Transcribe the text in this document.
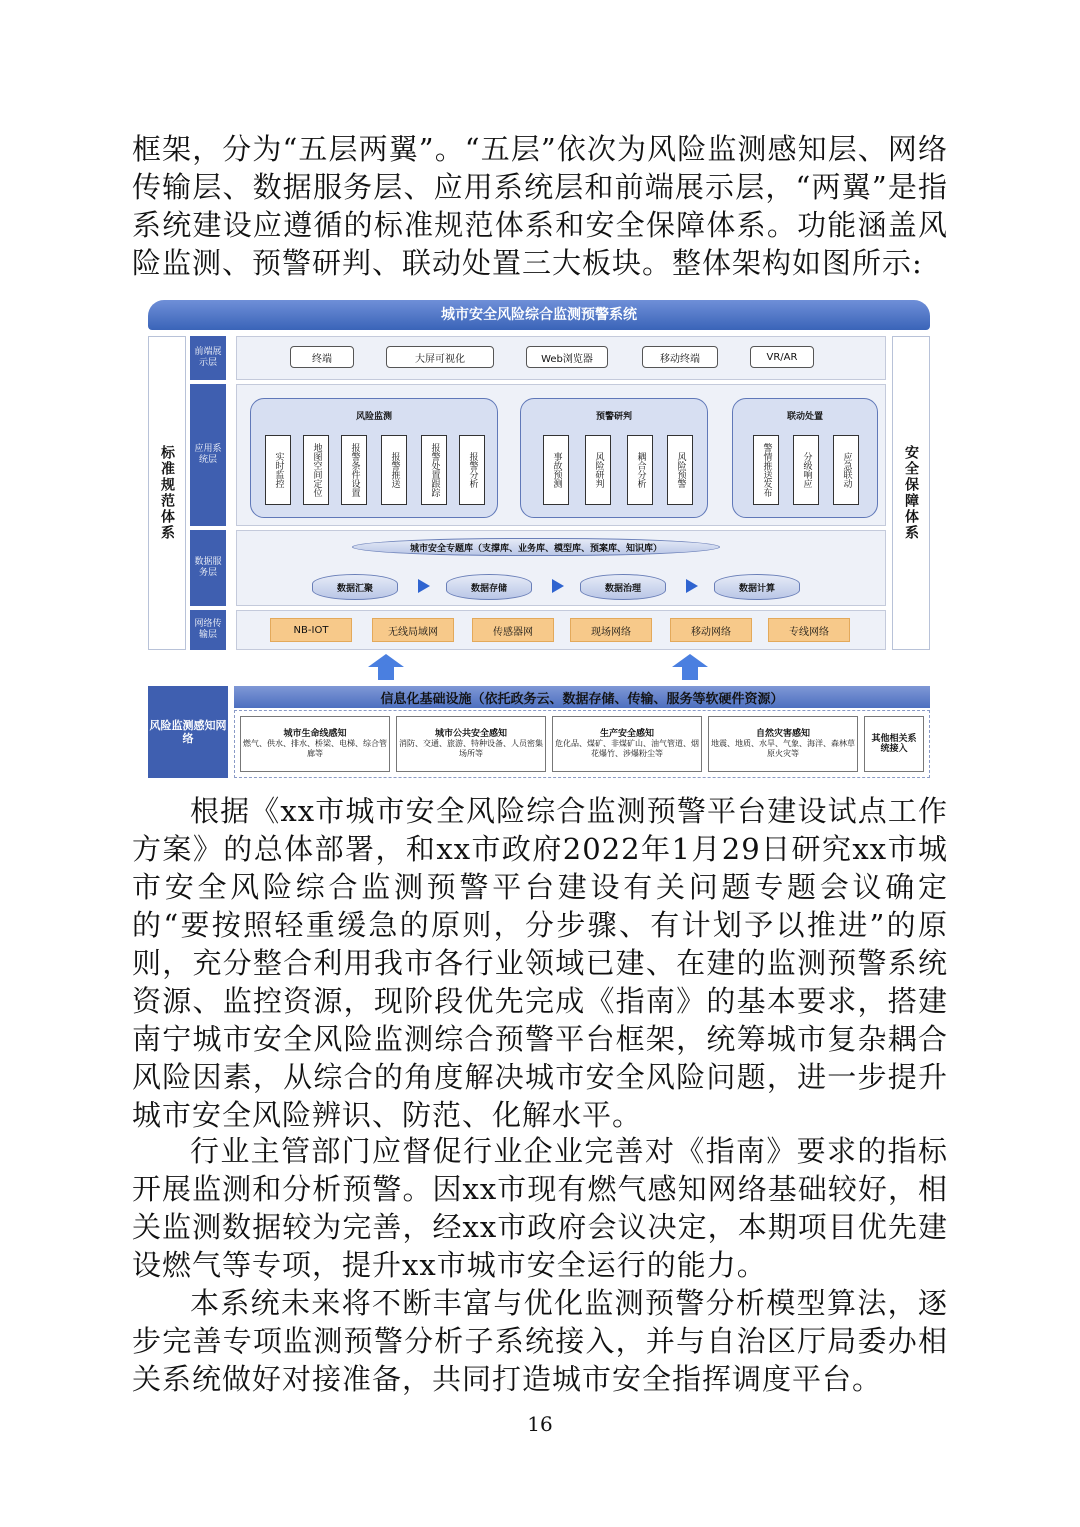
框架，分为“五层两翼”。“五层”依次为风险监测感知层、网络传输层、数据服务层、应用系统层和前端展示层，“两翼”是指系统建设应遵循的标准规范体系和安全保障体系。功能涵盖风险监测、预警研判、联动处置三大板块。整体架构如图所示:

城市安全风险综合监测预警系统
标准规范体系	安全保障体系
前端展示层
应用系统层
数据服务层
网络传输层
终端	大屏可视化	Web浏览器	移动终端	VR/AR
风险监测
实时监控	地图空间定位	报警条件设置	报警推送	报警处置跟踪	报警分析
预警研判
事故预测	风险研判	耦合分析	风险预警
联动处置
警情推送发布	分级响应	应急联动
城市安全专题库（支撑库、业务库、模型库、预案库、知识库）
数据汇聚	数据存储	数据治理	数据计算
NB-IOT	无线局域网	传感器网	现场网络	移动网络	专线网络
风险监测感知网络
信息化基础设施（依托政务云、数据存储、传输、服务等软硬件资源）
城市生命线感知
燃气、供水、排水、桥梁、电梯、综合管廊等
城市公共安全感知
消防、交通、旅游、特种设备、人员密集场所等
生产安全感知
危化品、煤矿、非煤矿山、油气管道、烟花爆竹、涉爆粉尘等
自然灾害感知
地震、地质、水旱、气象、海洋、森林草原火灾等
其他相关系统接入

根据《xx市城市安全风险综合监测预警平台建设试点工作方案》的总体部署，和xx市政府2022年1月29日研究xx市城市安全风险综合监测预警平台建设有关问题专题会议确定的“要按照轻重缓急的原则，分步骤、有计划予以推进”的原则，充分整合利用我市各行业领域已建、在建的监测预警系统资源、监控资源，现阶段优先完成《指南》的基本要求，搭建南宁城市安全风险监测综合预警平台框架，统筹城市复杂耦合风险因素，从综合的角度解决城市安全风险问题，进一步提升城市安全风险辨识、防范、化解水平。

行业主管部门应督促行业企业完善对《指南》要求的指标开展监测和分析预警。因xx市现有燃气感知网络基础较好，相关监测数据较为完善，经xx市政府会议决定，本期项目优先建设燃气等专项，提升xx市城市安全运行的能力。

本系统未来将不断丰富与优化监测预警分析模型算法，逐步完善专项监测预警分析子系统接入，并与自治区厅局委办相关系统做好对接准备，共同打造城市安全指挥调度平台。

16
